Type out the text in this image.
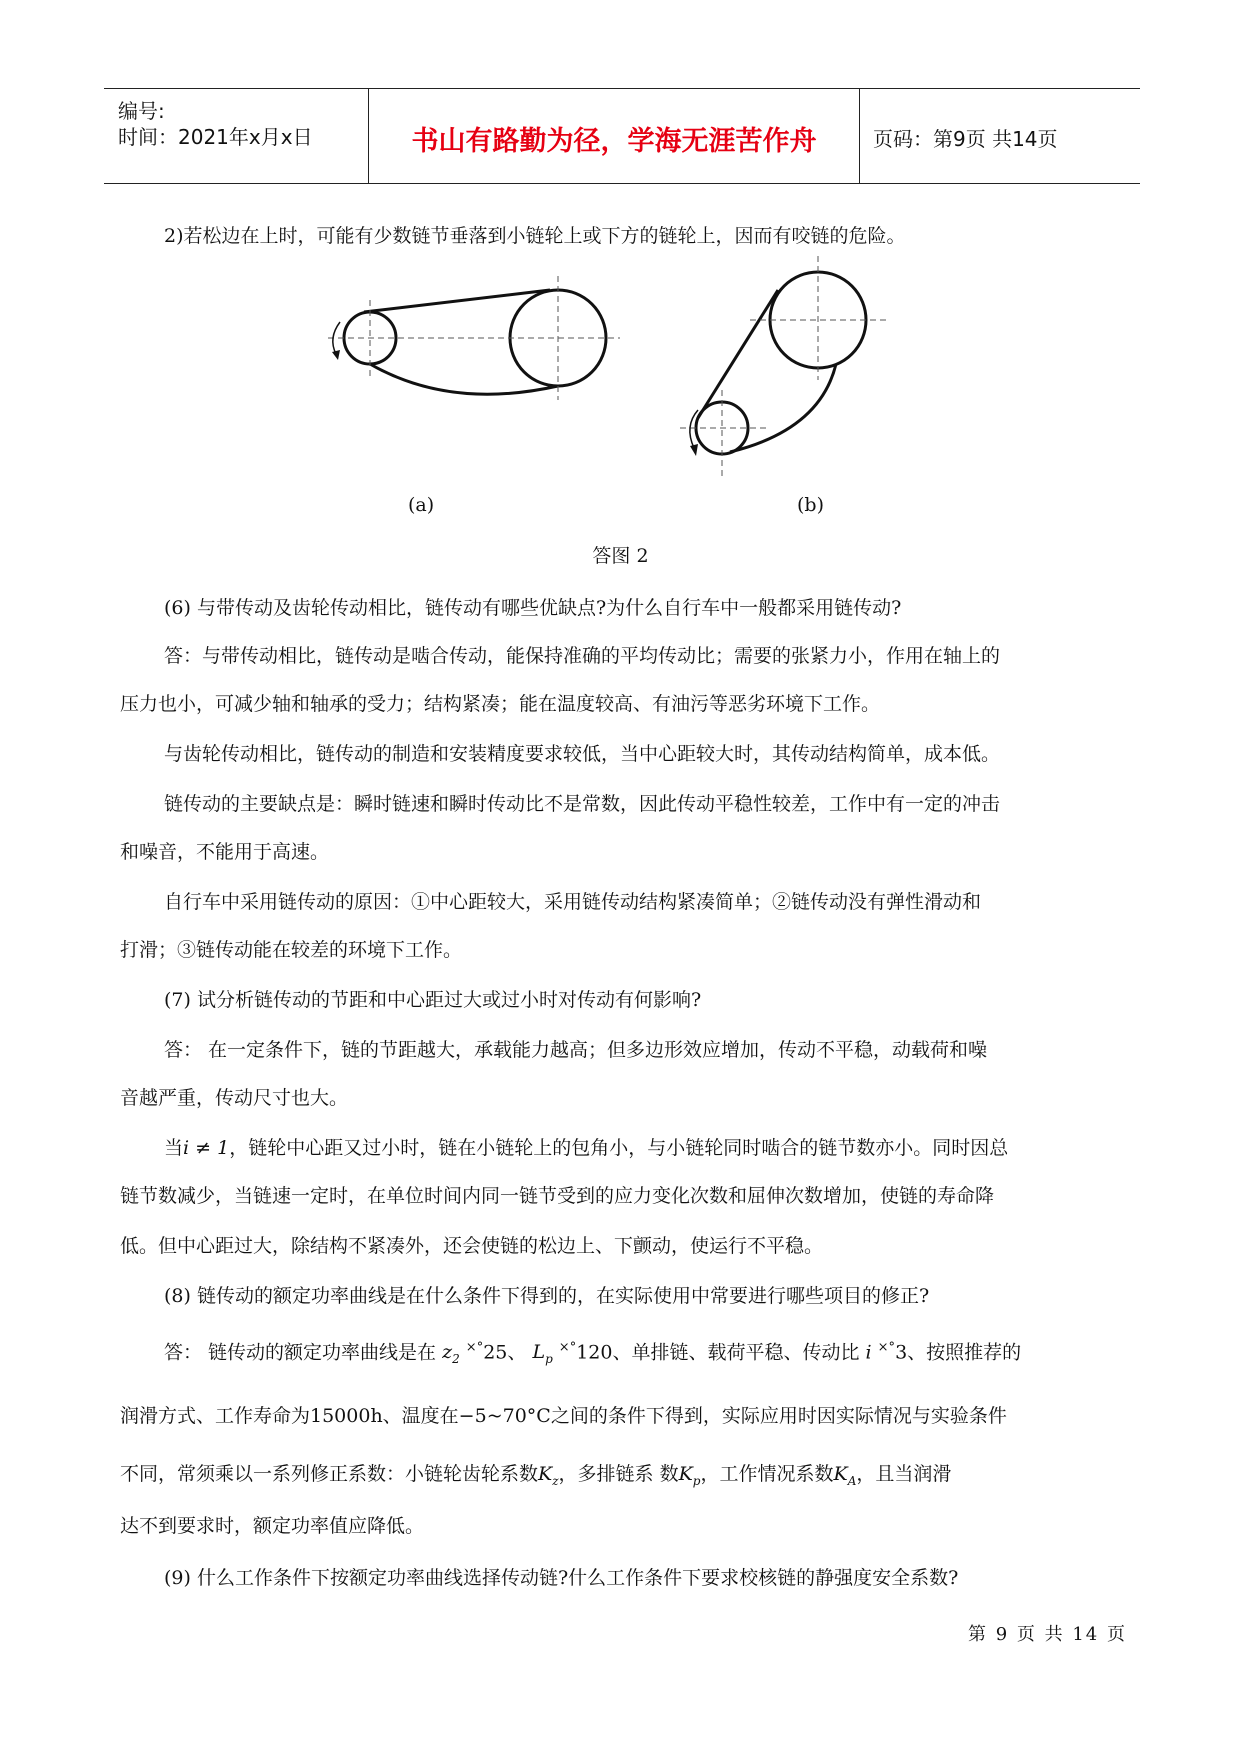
编号:
时间：2021年x月x日	书山有路勤为径，学海无涯苦作舟	页码：第9页 共14页
2)若松边在上时，可能有少数链节垂落到小链轮上或下方的链轮上，因而有咬链的危险。
(a)	(b)
答图 2
(6) 与带传动及齿轮传动相比，链传动有哪些优缺点?为什么自行车中一般都采用链传动?
答：与带传动相比，链传动是啮合传动，能保持准确的平均传动比；需要的张紧力小，作用在轴上的
压力也小，可减少轴和轴承的受力；结构紧凑；能在温度较高、有油污等恶劣环境下工作。
与齿轮传动相比，链传动的制造和安装精度要求较低，当中心距较大时，其传动结构简单，成本低。
链传动的主要缺点是：瞬时链速和瞬时传动比不是常数，因此传动平稳性较差，工作中有一定的冲击
和噪音，不能用于高速。
自行车中采用链传动的原因：①中心距较大，采用链传动结构紧凑简单；②链传动没有弹性滑动和
打滑；③链传动能在较差的环境下工作。
(7) 试分析链传动的节距和中心距过大或过小时对传动有何影响?
答： 在一定条件下，链的节距越大，承载能力越高；但多边形效应增加，传动不平稳，动载荷和噪
音越严重，传动尺寸也大。
当i ≠ 1，链轮中心距又过小时，链在小链轮上的包角小，与小链轮同时啮合的链节数亦小。同时因总
链节数减少，当链速一定时，在单位时间内同一链节受到的应力变化次数和屈伸次数增加，使链的寿命降
低。但中心距过大，除结构不紧凑外，还会使链的松边上、下颤动，使运行不平稳。
(8) 链传动的额定功率曲线是在什么条件下得到的，在实际使用中常要进行哪些项目的修正?
答： 链传动的额定功率曲线是在 $z_2$ ×°25、 $L_p$ ×°120、单排链、载荷平稳、传动比 i ×°3、按照推荐的
润滑方式、工作寿命为15000h、温度在−5~70°C之间的条件下得到，实际应用时因实际情况与实验条件
不同，常须乘以一系列修正系数：小链轮齿轮系数$K_z$，多排链系 数$K_p$，工作情况系数$K_A$，且当润滑
达不到要求时，额定功率值应降低。
(9) 什么工作条件下按额定功率曲线选择传动链?什么工作条件下要求校核链的静强度安全系数?
第 9 页 共 14 页
